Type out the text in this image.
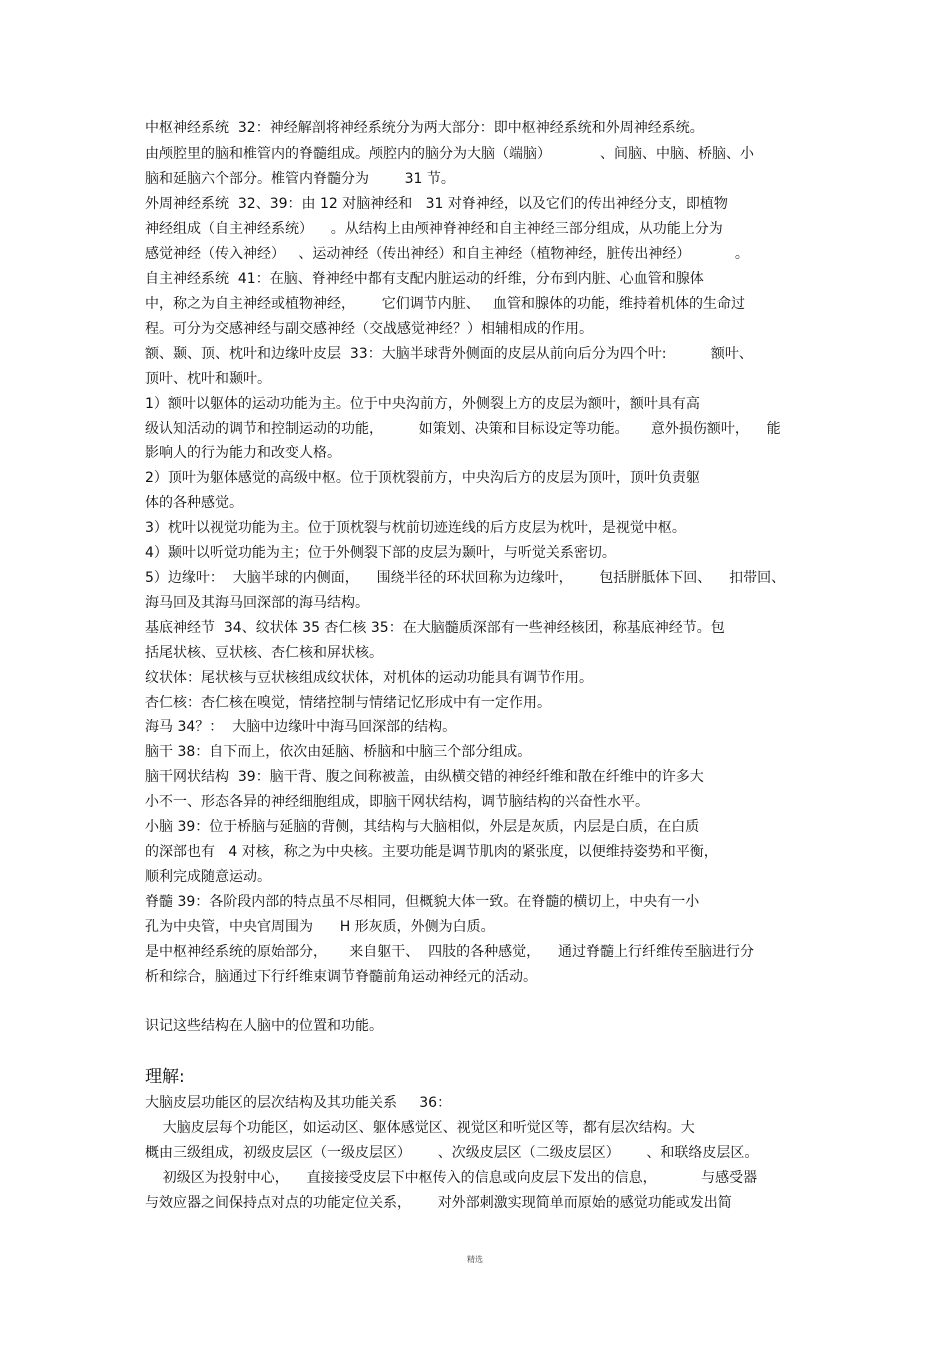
中枢神经系统  32：神经解剖将神经系统分为两大部分：即中枢神经系统和外周神经系统。
由颅腔里的脑和椎管内的脊髓组成。颅腔内的脑分为大脑（端脑）           、间脑、中脑、桥脑、小
脑和延脑六个部分。椎管内脊髓分为        31 节。
外周神经系统  32、39：由 12 对脑神经和   31 对脊神经，以及它们的传出神经分支，即植物
神经组成（自主神经系统）    。从结构上由颅神脊神经和自主神经三部分组成，从功能上分为
感觉神经（传入神经）   、运动神经（传出神经）和自主神经（植物神经，脏传出神经）          。
自主神经系统  41：在脑、脊神经中都有支配内脏运动的纤维，分布到内脏、心血管和腺体
中，称之为自主神经或植物神经，      它们调节内脏、   血管和腺体的功能，维持着机体的生命过
程。可分为交感神经与副交感神经（交战感觉神经？）相辅相成的作用。
额、颞、顶、枕叶和边缘叶皮层  33：大脑半球背外侧面的皮层从前向后分为四个叶:          额叶、
顶叶、枕叶和颞叶。
1）额叶以躯体的运动功能为主。位于中央沟前方，外侧裂上方的皮层为额叶，额叶具有高
级认知活动的调节和控制运动的功能，        如策划、决策和目标设定等功能。     意外损伤额叶，    能
影响人的行为能力和改变人格。
2）顶叶为躯体感觉的高级中枢。位于顶枕裂前方，中央沟后方的皮层为顶叶，顶叶负责躯
体的各种感觉。
3）枕叶以视觉功能为主。位于顶枕裂与枕前切迹连线的后方皮层为枕叶，是视觉中枢。
4）颞叶以听觉功能为主；位于外侧裂下部的皮层为颞叶，与听觉关系密切。
5）边缘叶：  大脑半球的内侧面，    围绕半径的环状回称为边缘叶，      包括胼胝体下回、    扣带回、
海马回及其海马回深部的海马结构。
基底神经节  34、纹状体 35 杏仁核 35：在大脑髓质深部有一些神经核团，称基底神经节。包
括尾状核、豆状核、杏仁核和屏状核。
纹状体：尾状核与豆状核组成纹状体，对机体的运动功能具有调节作用。
杏仁核：杏仁核在嗅觉，情绪控制与情绪记忆形成中有一定作用。
海马 34？：  大脑中边缘叶中海马回深部的结构。
脑干 38：自下而上，依次由延脑、桥脑和中脑三个部分组成。
脑干网状结构  39：脑干背、腹之间称被盖，由纵横交错的神经纤维和散在纤维中的许多大
小不一、形态各异的神经细胞组成，即脑干网状结构，调节脑结构的兴奋性水平。
小脑 39：位于桥脑与延脑的背侧，其结构与大脑相似，外层是灰质，内层是白质，在白质
的深部也有   4 对核，称之为中央核。主要功能是调节肌肉的紧张度，以便维持姿势和平衡，
顺利完成随意运动。
脊髓 39：各阶段内部的特点虽不尽相同，但概貌大体一致。在脊髓的横切上，中央有一小
孔为中央管，中央官周围为      H 形灰质，外侧为白质。
是中枢神经系统的原始部分，     来自躯干、  四肢的各种感觉，    通过脊髓上行纤维传至脑进行分
析和综合，脑通过下行纤维束调节脊髓前角运动神经元的活动。
识记这些结构在人脑中的位置和功能。
理解:
大脑皮层功能区的层次结构及其功能关系     36：
大脑皮层每个功能区，如运动区、躯体感觉区、视觉区和听觉区等，都有层次结构。大
概由三级组成，初级皮层区（一级皮层区）      、次级皮层区（二级皮层区）      、和联络皮层区。
初级区为投射中心，    直接接受皮层下中枢传入的信息或向皮层下发出的信息，          与感受器
与效应器之间保持点对点的功能定位关系，      对外部刺激实现简单而原始的感觉功能或发出简
精选
